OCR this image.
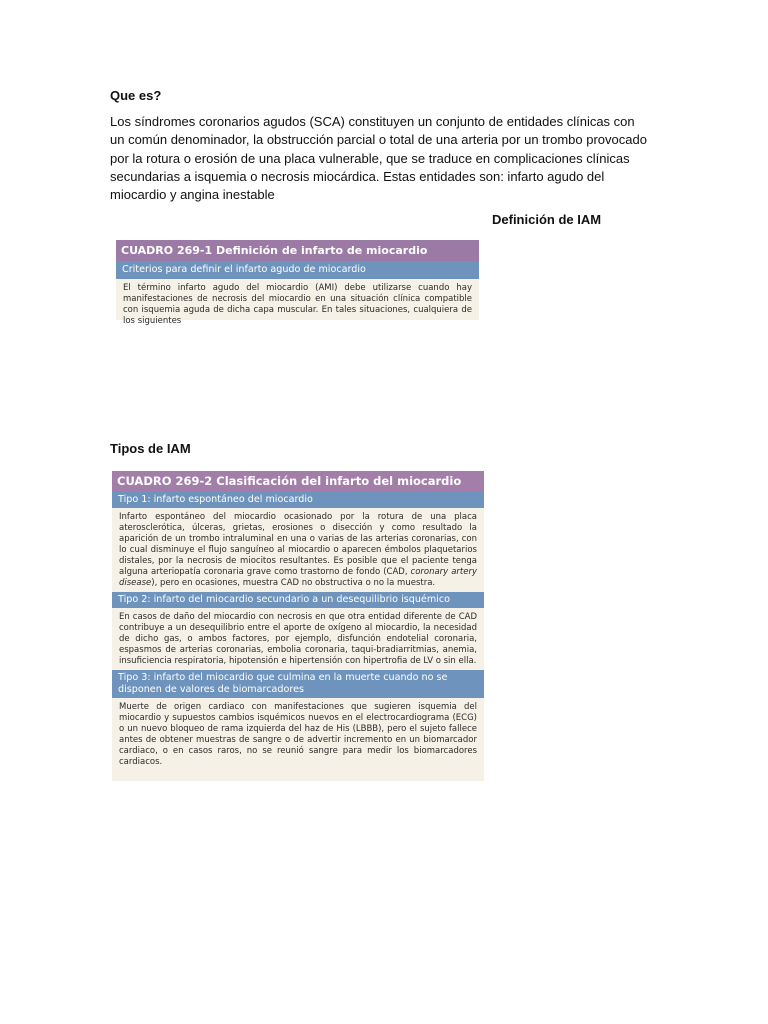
Que es?

Los síndromes coronarios agudos (SCA) constituyen un conjunto de entidades clínicas con un común denominador, la obstrucción parcial o total de una arteria por un trombo provocado por la rotura o erosión de una placa vulnerable, que se traduce en complicaciones clínicas secundarias a isquemia o necrosis miocárdica. Estas entidades son: infarto agudo del miocardio y angina inestable

Definición de IAM
CUADRO 269-1 Definición de infarto de miocardio
Criterios para definir el infarto agudo de miocardio
El término infarto agudo del miocardio (AMI) debe utilizarse cuando hay manifestaciones de necrosis del miocardio en una situación clínica compatible con isquemia aguda de dicha capa muscular. En tales situaciones, cualquiera de los siguientes
Tipos de IAM
CUADRO 269-2 Clasificación del infarto del miocardio
Tipo 1: infarto espontáneo del miocardio
Infarto espontáneo del miocardio ocasionado por la rotura de una placa aterosclerótica, úlceras, grietas, erosiones o disección y como resultado la aparición de un trombo intraluminal en una o varias de las arterias coronarias, con lo cual disminuye el flujo sanguíneo al miocardio o aparecen émbolos plaquetarios distales, por la necrosis de miocitos resultantes. Es posible que el paciente tenga alguna arteriopatía coronaria grave como trastorno de fondo (CAD, coronary artery disease), pero en ocasiones, muestra CAD no obstructiva o no la muestra.
Tipo 2: infarto del miocardio secundario a un desequilibrio isquémico
En casos de daño del miocardio con necrosis en que otra entidad diferente de CAD contribuye a un desequilibrio entre el aporte de oxígeno al miocardio, la necesidad de dicho gas, o ambos factores, por ejemplo, disfunción endotelial coronaria, espasmos de arterias coronarias, embolia coronaria, taqui-bradiarritmias, anemia, insuficiencia respiratoria, hipotensión e hipertensión con hipertrofia de LV o sin ella.
Tipo 3: infarto del miocardio que culmina en la muerte cuando no se disponen de valores de biomarcadores
Muerte de origen cardiaco con manifestaciones que sugieren isquemia del miocardio y supuestos cambios isquémicos nuevos en el electrocardiograma (ECG) o un nuevo bloqueo de rama izquierda del haz de His (LBBB), pero el sujeto fallece antes de obtener muestras de sangre o de advertir incremento en un biomarcador cardiaco, o en casos raros, no se reunió sangre para medir los biomarcadores cardiacos.
